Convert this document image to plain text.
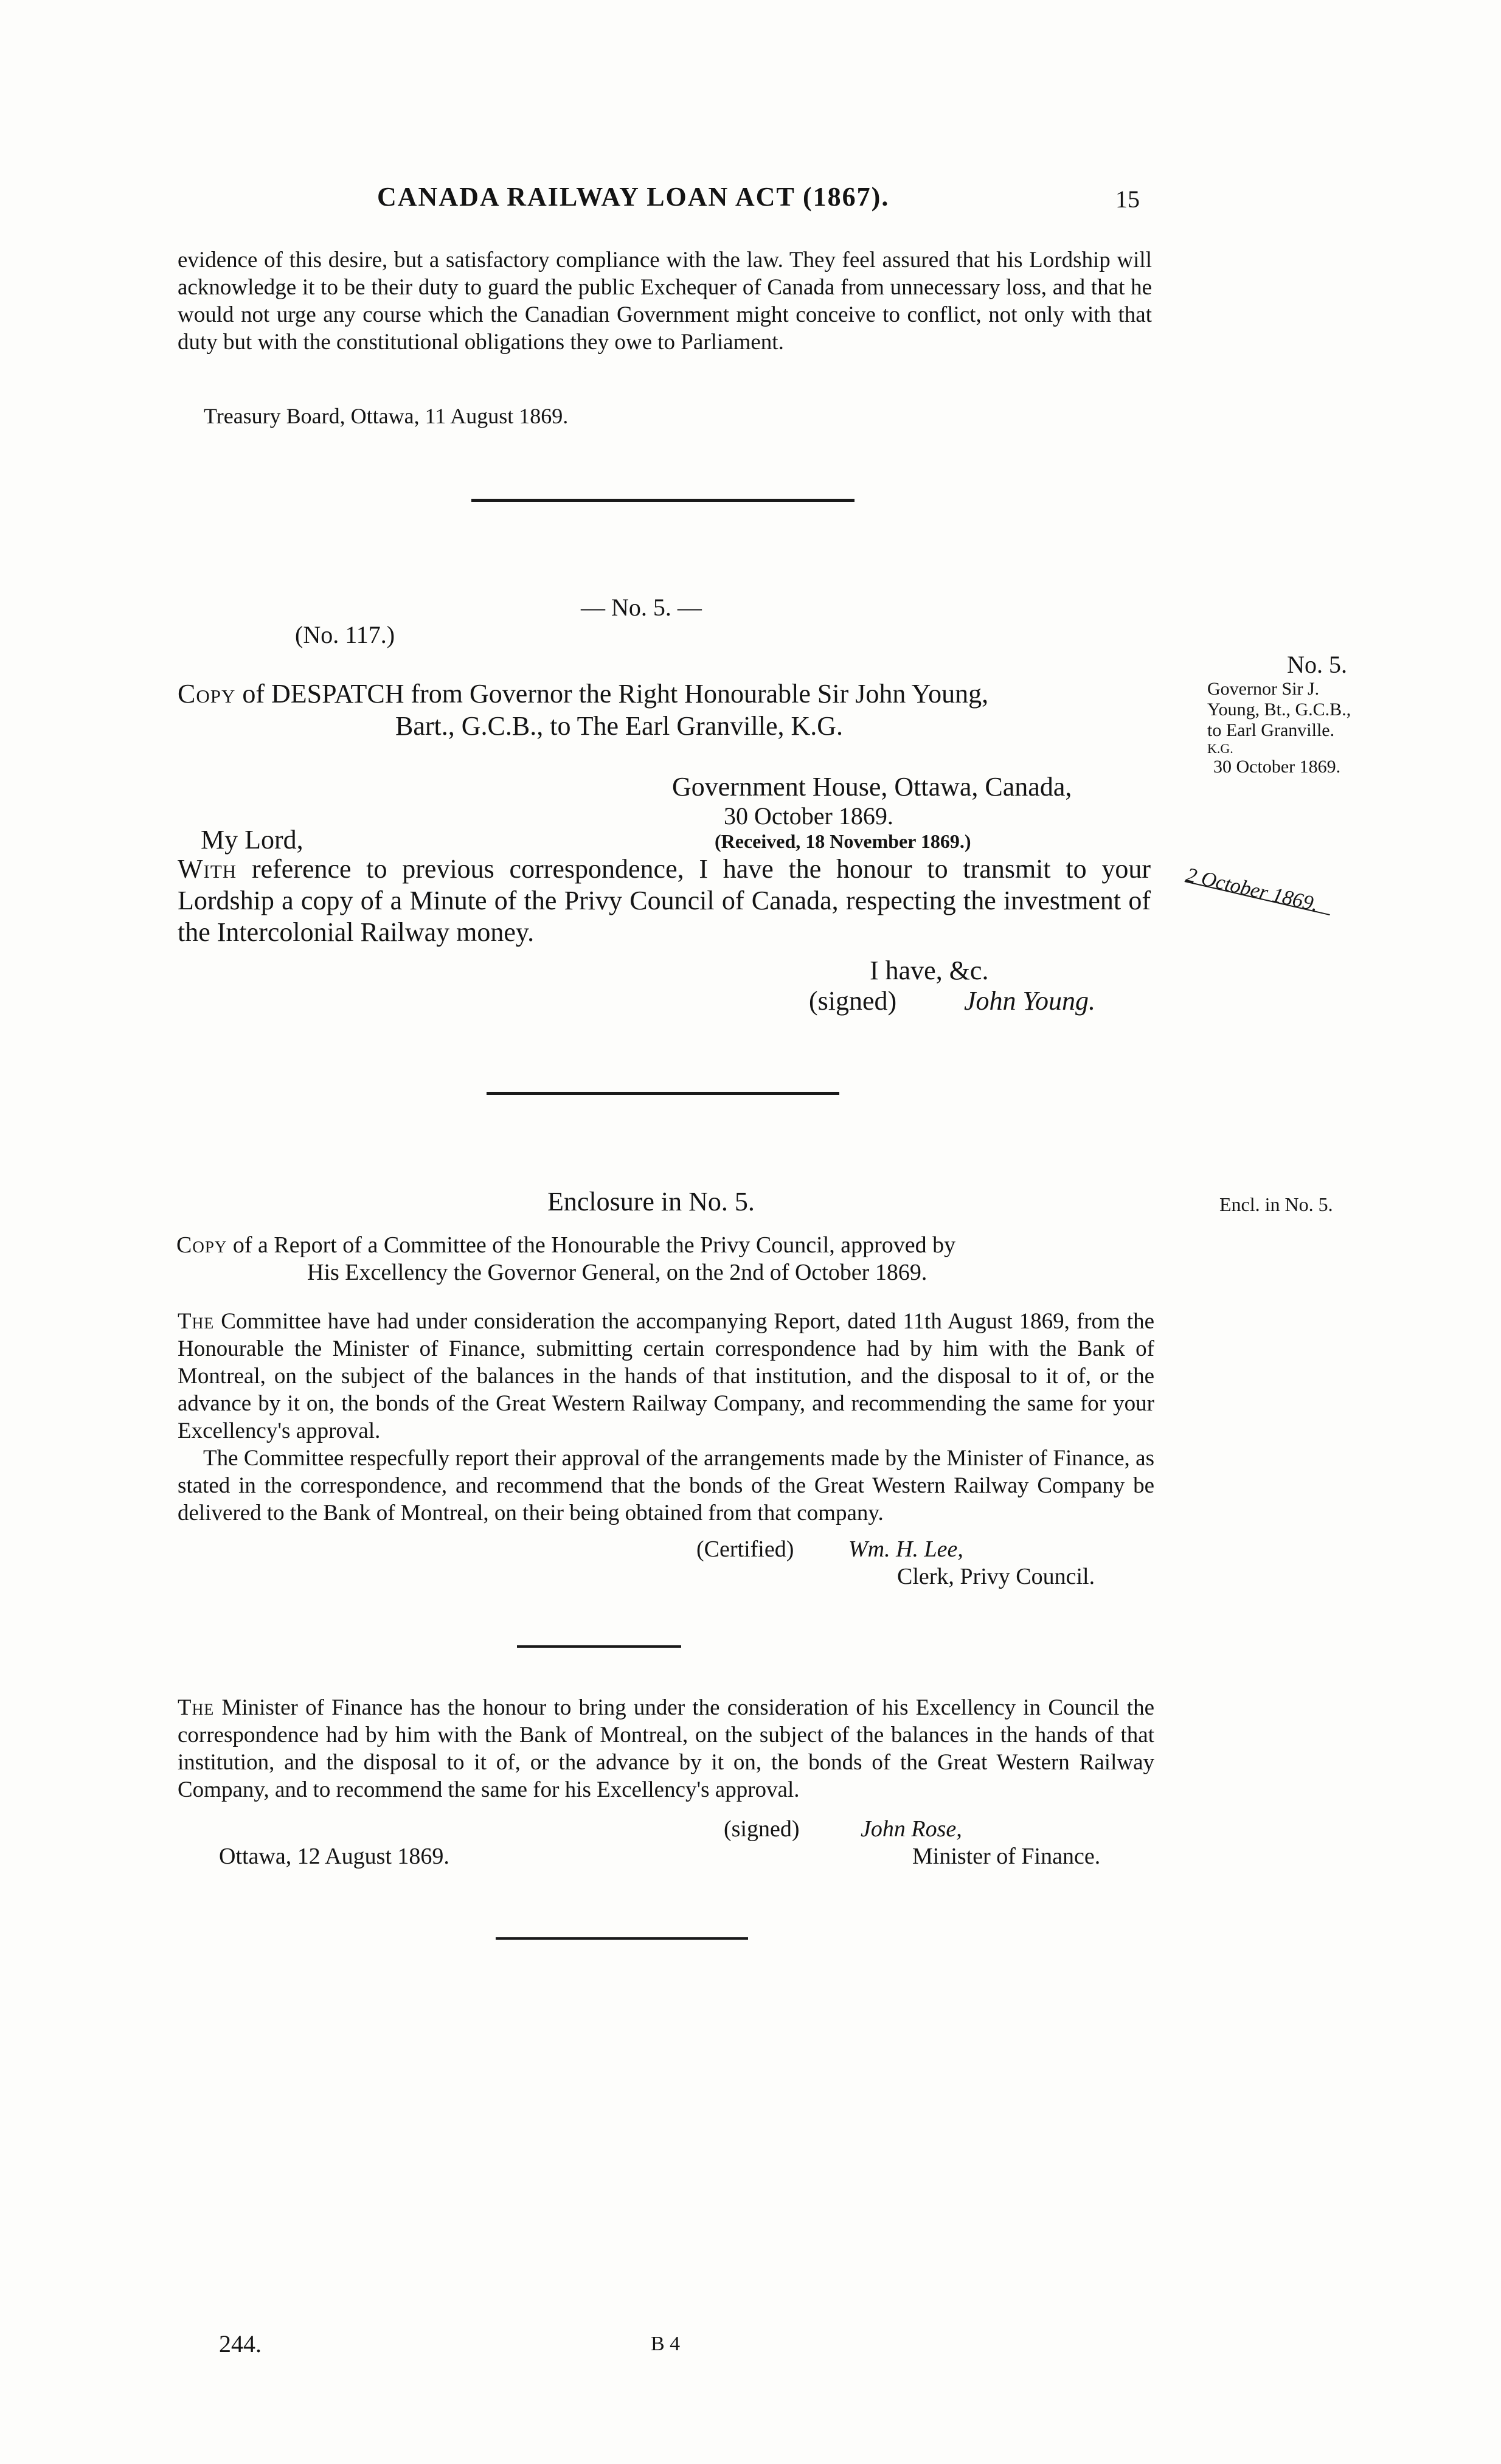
CANADA RAILWAY LOAN ACT (1867).	15

evidence of this desire, but a satisfactory compliance with the law. They feel assured that his Lordship will acknowledge it to be their duty to guard the public Exchequer of Canada from unnecessary loss, and that he would not urge any course which the Canadian Government might conceive to conflict, not only with that duty but with the constitutional obligations they owe to Parliament.

Treasury Board, Ottawa, 11 August 1869.
— No. 5. —
(No. 117.)
Copy of DESPATCH from Governor the Right Honourable Sir John Young,
Bart., G.C.B., to The Earl Granville, K.G.
Government House, Ottawa, Canada,
30 October 1869.
My Lord,	(Received, 18 November 1869.)

With reference to previous correspondence, I have the honour to transmit to your Lordship a copy of a Minute of the Privy Council of Canada, respecting the investment of the Intercolonial Railway money.

I have, &c.
(signed)	John Young.
No. 5.
Governor Sir J.
Young, Bt., G.C.B.,
to Earl Granville.
K.G.
30 October 1869.
2 October 1869.
Enclosure in No. 5.	Encl. in No. 5.
Copy of a Report of a Committee of the Honourable the Privy Council, approved by
His Excellency the Governor General, on the 2nd of October 1869.

The Committee have had under consideration the accompanying Report, dated 11th August 1869, from the Honourable the Minister of Finance, submitting certain correspondence had by him with the Bank of Montreal, on the subject of the balances in the hands of that institution, and the disposal to it of, or the advance by it on, the bonds of the Great Western Railway Company, and recommending the same for your Excellency's approval.

The Committee respecfully report their approval of the arrangements made by the Minister of Finance, as stated in the correspondence, and recommend that the bonds of the Great Western Railway Company be delivered to the Bank of Montreal, on their being obtained from that company.

(Certified) Wm. H. Lee,
Clerk, Privy Council.

The Minister of Finance has the honour to bring under the consideration of his Excellency in Council the correspondence had by him with the Bank of Montreal, on the subject of the balances in the hands of that institution, and the disposal to it of, or the advance by it on, the bonds of the Great Western Railway Company, and to recommend the same for his Excellency's approval.

(signed)	John Rose,
Ottawa, 12 August 1869.	Minister of Finance.
244.	B 4
